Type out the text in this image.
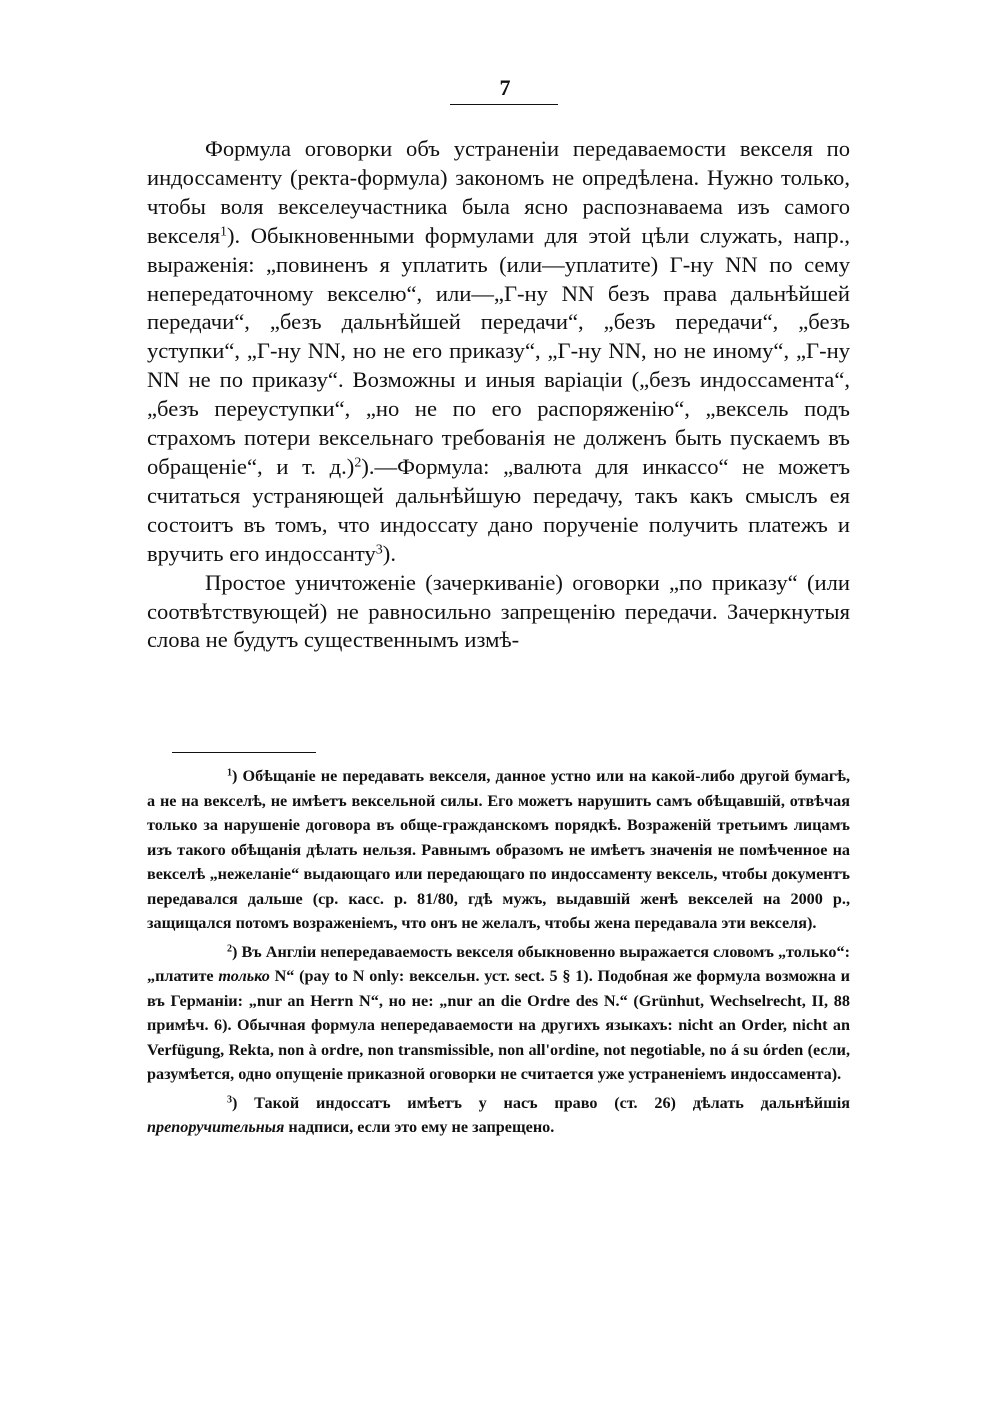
7

Формула оговорки объ устраненіи передаваемости векселя по индоссаменту (ректа-формула) закономъ не опредѣлена. Нужно только, чтобы воля векселеучастника была ясно распознаваема изъ самого векселя$^1$). Обыкновенными формулами для этой цѣли служать, напр., выраженія: „повиненъ я уплатить (или—уплатите) Г-ну NN по сему непередаточному векселю“, или—„Г-ну NN безъ права дальнѣйшей передачи“, „безъ дальнѣйшей передачи“, „безъ передачи“, „безъ уступки“, „Г-ну NN, но не его приказу“, „Г-ну NN, но не иному“, „Г-ну NN не по приказу“. Возможны и иныя варіаціи („безъ индоссамента“, „безъ переуступки“, „но не по его распоряженію“, „вексель подъ страхомъ потери вексельнаго требованія не долженъ быть пускаемъ въ обращеніе“, и т. д.)$^2$).—Формула: „валюта для инкассо“ не можетъ считаться устраняющей дальнѣйшую передачу, такъ какъ смыслъ ея состоитъ въ томъ, что индоссату дано порученіе получить платежъ и вручить его индоссанту$^3$).

Простое уничтоженіе (зачеркиваніе) оговорки „по приказу“ (или соотвѣтствующей) не равносильно запрещенію передачи. Зачеркнутыя слова не будутъ существеннымъ измѣ-

$^1$) Обѣщаніе не передавать векселя, данное устно или на какой-либо другой бумагѣ, а не на векселѣ, не имѣетъ вексельной силы. Его можетъ нарушить самъ обѣщавшій, отвѣчая только за нарушеніе договора въ обще-гражданскомъ порядкѣ. Возраженій третьимъ лицамъ изъ такого обѣщанія дѣлать нельзя. Равнымъ образомъ не имѣетъ значенія не помѣченное на векселѣ „нежеланіе“ выдающаго или передающаго по индоссаменту вексель, чтобы документъ передавался дальше (ср. касс. р. 81/80, гдѣ мужъ, выдавшій женѣ векселей на 2000 р., защищался потомъ возраженіемъ, что онъ не желалъ, чтобы жена передавала эти векселя).

$^2$) Въ Англіи непередаваемость векселя обыкновенно выражается словомъ „только“: „платите только N“ (pay to N only: вексельн. уст. sect. 5 § 1). Подобная же формула возможна и въ Германіи: „nur an Herrn N“, но не: „nur an die Ordre des N.“ (Grünhut, Wechselrecht, II, 88 примѣч. 6). Обычная формула непередаваемости на другихъ языкахъ: nicht an Order, nicht an Verfügung, Rekta, non à ordre, non transmissible, non all'ordine, not negotiable, no á su órden (если, разумѣется, одно опущеніе приказной оговорки не считается уже устраненіемъ индоссамента).

$^3$) Такой индоссатъ имѣетъ у насъ право (ст. 26) дѣлать дальнѣйшія препоручительныя надписи, если это ему не запрещено.
